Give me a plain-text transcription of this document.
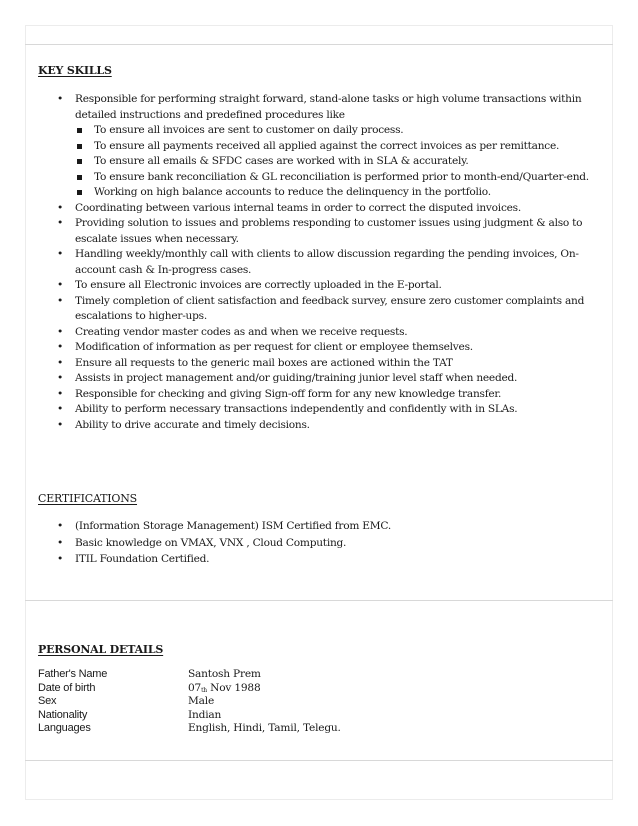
KEY SKILLS
• Responsible for performing straight forward, stand-alone tasks or high volume transactions within detailed instructions and predefined procedures like
To ensure all invoices are sent to customer on daily process.
To ensure all payments received all applied against the correct invoices as per remittance.
To ensure all emails & SFDC cases are worked with in SLA & accurately.
To ensure bank reconciliation & GL reconciliation is performed prior to month-end/Quarter-end.
Working on high balance accounts to reduce the delinquency in the portfolio.
• Coordinating between various internal teams in order to correct the disputed invoices.
• Providing solution to issues and problems responding to customer issues using judgment & also to escalate issues when necessary.
• Handling weekly/monthly call with clients to allow discussion regarding the pending invoices, On-account cash & In-progress cases.
• To ensure all Electronic invoices are correctly uploaded in the E-portal.
• Timely completion of client satisfaction and feedback survey, ensure zero customer complaints and escalations to higher-ups.
• Creating vendor master codes as and when we receive requests.
• Modification of information as per request for client or employee themselves.
• Ensure all requests to the generic mail boxes are actioned within the TAT
• Assists in project management and/or guiding/training junior level staff when needed.
• Responsible for checking and giving Sign-off form for any new knowledge transfer.
• Ability to perform necessary transactions independently and confidently with in SLAs.
• Ability to drive accurate and timely decisions.
CERTIFICATIONS
• (Information Storage Management) ISM Certified from EMC.
• Basic knowledge on VMAX, VNX , Cloud Computing.
• ITIL Foundation Certified.
PERSONAL DETAILS
Father's Name	Santosh Prem
Date of birth	07th Nov 1988
Sex	Male
Nationality	Indian
Languages	English, Hindi, Tamil, Telegu.
